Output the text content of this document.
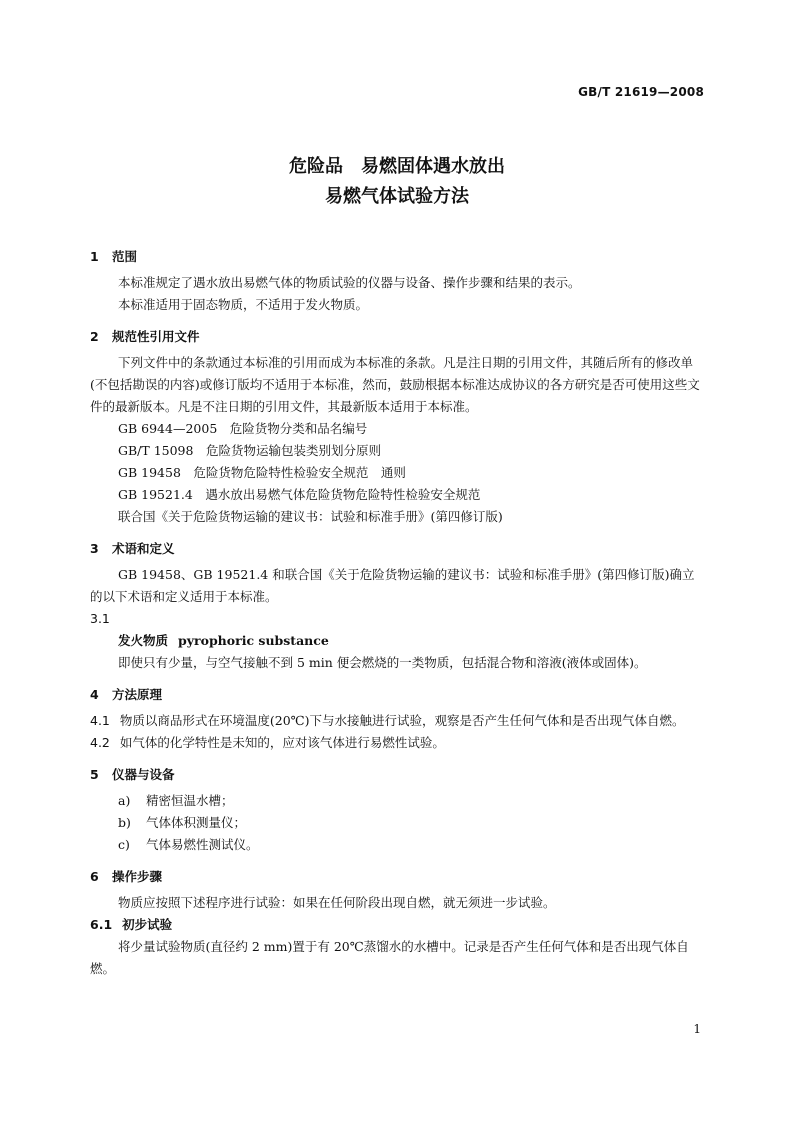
GB/T 21619—2008
危险品　易燃固体遇水放出
易燃气体试验方法
1 范围
本标准规定了遇水放出易燃气体的物质试验的仪器与设备、操作步骤和结果的表示。
本标准适用于固态物质，不适用于发火物质。
2 规范性引用文件
下列文件中的条款通过本标准的引用而成为本标准的条款。凡是注日期的引用文件，其随后所有的修改单(不包括勘误的内容)或修订版均不适用于本标准，然而，鼓励根据本标准达成协议的各方研究是否可使用这些文件的最新版本。凡是不注日期的引用文件，其最新版本适用于本标准。
GB 6944—2005　危险货物分类和品名编号
GB/T 15098　危险货物运输包装类别划分原则
GB 19458　危险货物危险特性检验安全规范　通则
GB 19521.4　遇水放出易燃气体危险货物危险特性检验安全规范
联合国《关于危险货物运输的建议书：试验和标准手册》(第四修订版)
3 术语和定义
GB 19458、GB 19521.4 和联合国《关于危险货物运输的建议书：试验和标准手册》(第四修订版)确立的以下术语和定义适用于本标准。
3.1
发火物质 pyrophoric substance
即使只有少量，与空气接触不到 5 min 便会燃烧的一类物质，包括混合物和溶液(液体或固体)。
4 方法原理
4.1 物质以商品形式在环境温度(20℃)下与水接触进行试验，观察是否产生任何气体和是否出现气体自燃。
4.2 如气体的化学特性是未知的，应对该气体进行易燃性试验。
5 仪器与设备
a) 精密恒温水槽；
b) 气体体积测量仪；
c) 气体易燃性测试仪。
6 操作步骤
物质应按照下述程序进行试验：如果在任何阶段出现自燃，就无须进一步试验。
6.1 初步试验
将少量试验物质(直径约 2 mm)置于有 20℃蒸馏水的水槽中。记录是否产生任何气体和是否出现气体自燃。
1
